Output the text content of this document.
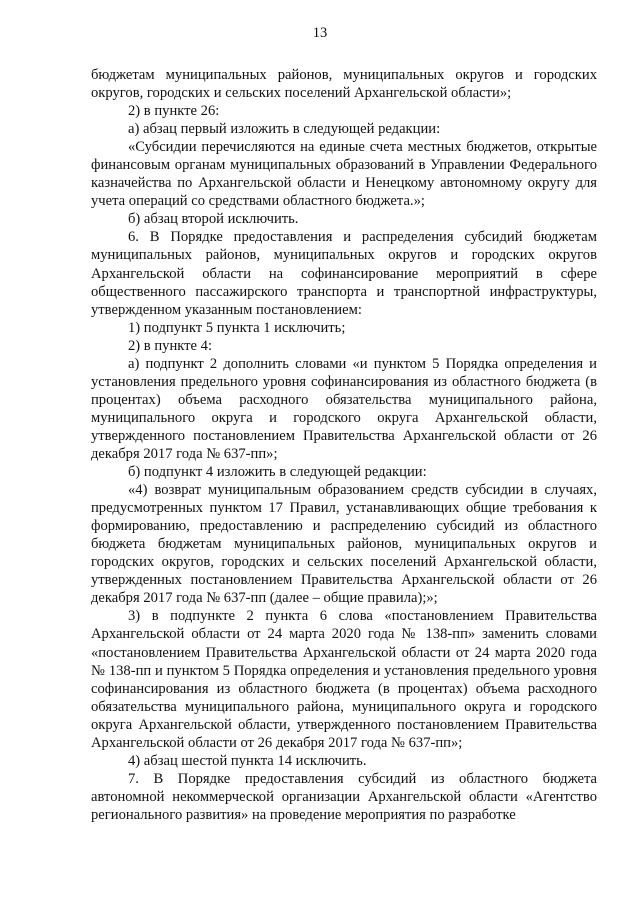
13

бюджетам муниципальных районов, муниципальных округов и городских округов, городских и сельских поселений Архангельской области»;

2) в пункте 26:

а) абзац первый изложить в следующей редакции:

«Субсидии перечисляются на единые счета местных бюджетов, открытые финансовым органам муниципальных образований в Управлении Федерального казначейства по Архангельской области и Ненецкому автономному округу для учета операций со средствами областного бюджета.»;

б) абзац второй исключить.

6. В Порядке предоставления и распределения субсидий бюджетам муниципальных районов, муниципальных округов и городских округов Архангельской области на софинансирование мероприятий в сфере общественного пассажирского транспорта и транспортной инфраструктуры, утвержденном указанным постановлением:

1) подпункт 5 пункта 1 исключить;

2) в пункте 4:

а) подпункт 2 дополнить словами «и пунктом 5 Порядка определения и установления предельного уровня софинансирования из областного бюджета (в процентах) объема расходного обязательства муниципального района, муниципального округа и городского округа Архангельской области, утвержденного постановлением Правительства Архангельской области от 26 декабря 2017 года № 637-пп»;

б) подпункт 4 изложить в следующей редакции:

«4) возврат муниципальным образованием средств субсидии в случаях, предусмотренных пунктом 17 Правил, устанавливающих общие требования к формированию, предоставлению и распределению субсидий из областного бюджета бюджетам муниципальных районов, муниципальных округов и городских округов, городских и сельских поселений Архангельской области, утвержденных постановлением Правительства Архангельской области от 26 декабря 2017 года № 637-пп (далее – общие правила);»;

3) в подпункте 2 пункта 6 слова «постановлением Правительства Архангельской области от 24 марта 2020 года № 138-пп» заменить словами «постановлением Правительства Архангельской области от 24 марта 2020 года № 138-пп и пунктом 5 Порядка определения и установления предельного уровня софинансирования из областного бюджета (в процентах) объема расходного обязательства муниципального района, муниципального округа и городского округа Архангельской области, утвержденного постановлением Правительства Архангельской области от 26 декабря 2017 года № 637-пп»;

4) абзац шестой пункта 14 исключить.

7. В Порядке предоставления субсидий из областного бюджета автономной некоммерческой организации Архангельской области «Агентство регионального развития» на проведение мероприятия по разработке
